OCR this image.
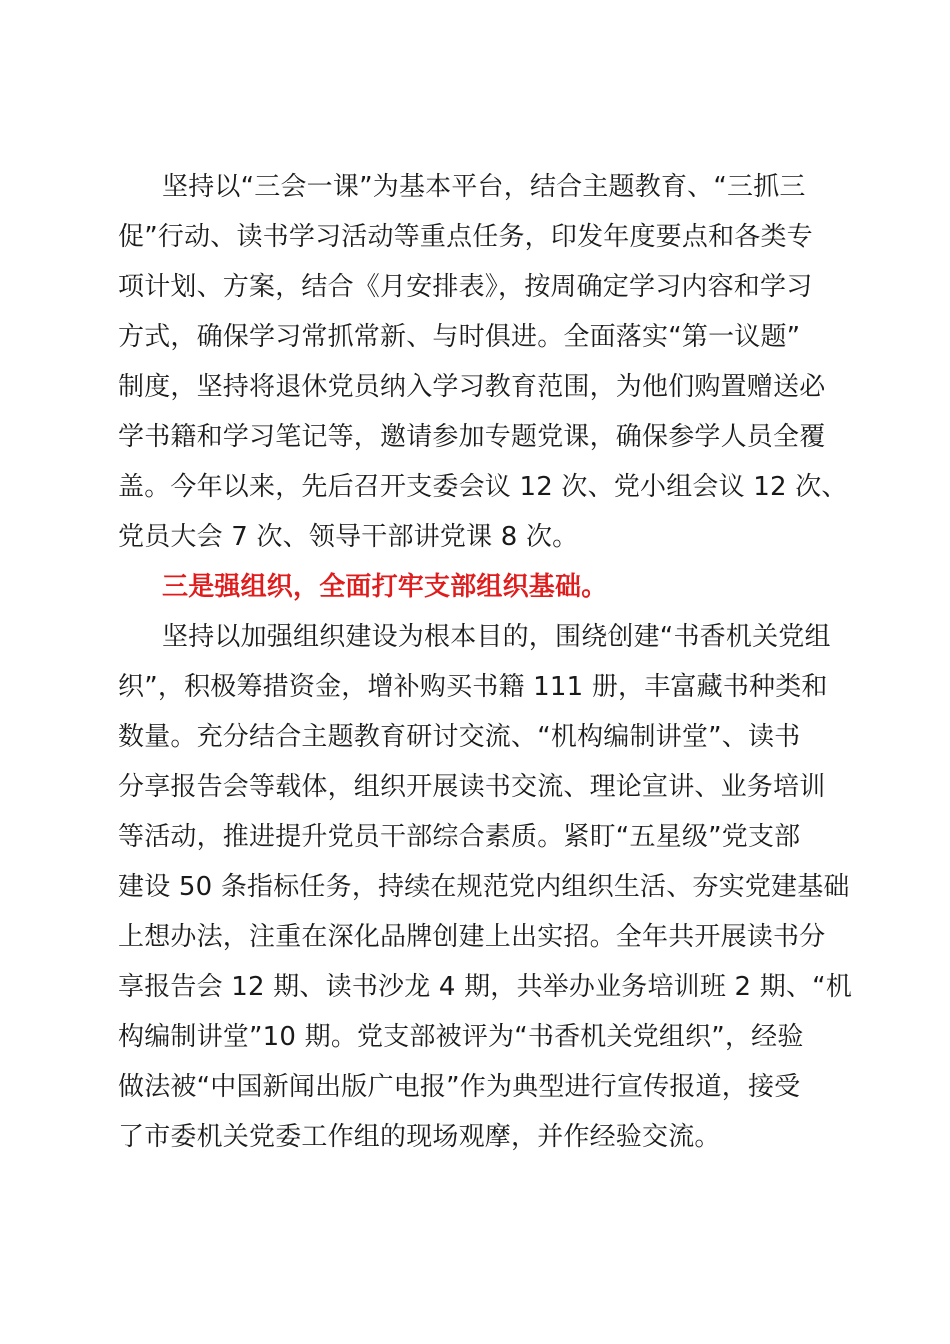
坚持以“三会一课”为基本平台，结合主题教育、“三抓三
促”行动、读书学习活动等重点任务，印发年度要点和各类专
项计划、方案，结合《月安排表》，按周确定学习内容和学习
方式，确保学习常抓常新、与时俱进。全面落实“第一议题”
制度，坚持将退休党员纳入学习教育范围，为他们购置赠送必
学书籍和学习笔记等，邀请参加专题党课，确保参学人员全覆
盖。今年以来，先后召开支委会议 12 次、党小组会议 12 次、
党员大会 7 次、领导干部讲党课 8 次。
三是强组织，全面打牢支部组织基础。
坚持以加强组织建设为根本目的，围绕创建“书香机关党组
织”，积极筹措资金，增补购买书籍 111 册，丰富藏书种类和
数量。充分结合主题教育研讨交流、“机构编制讲堂”、读书
分享报告会等载体，组织开展读书交流、理论宣讲、业务培训
等活动，推进提升党员干部综合素质。紧盯“五星级”党支部
建设 50 条指标任务，持续在规范党内组织生活、夯实党建基础
上想办法，注重在深化品牌创建上出实招。全年共开展读书分
享报告会 12 期、读书沙龙 4 期，共举办业务培训班 2 期、“机
构编制讲堂”10 期。党支部被评为“书香机关党组织”，经验
做法被“中国新闻出版广电报”作为典型进行宣传报道，接受
了市委机关党委工作组的现场观摩，并作经验交流。
